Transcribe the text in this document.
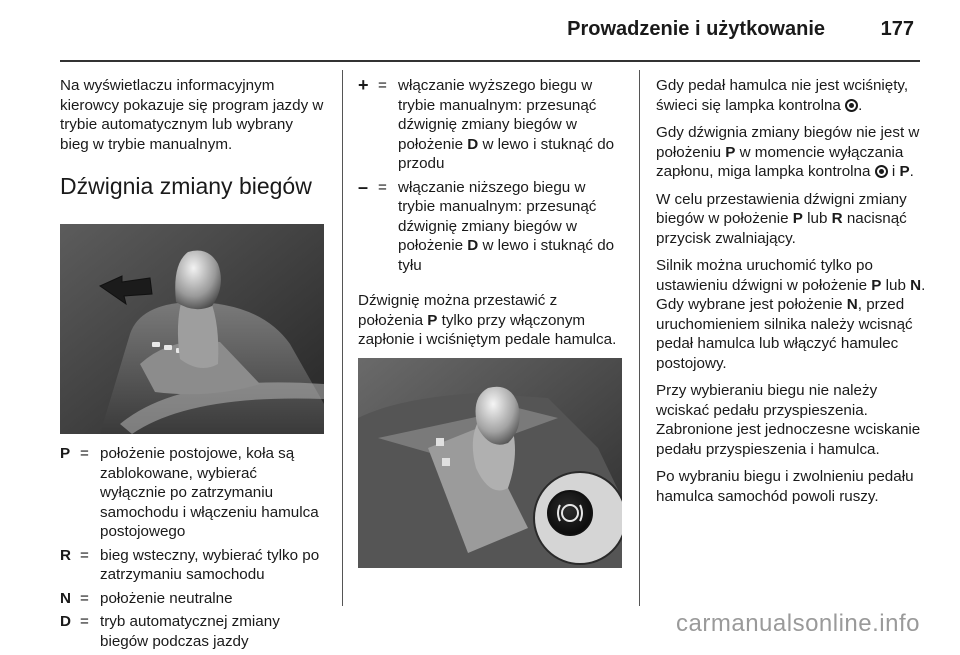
Prowadzenie i użytkowanie	177

Na wyświetlaczu informacyjnym kierowcy pokazuje się program jazdy w trybie automatycznym lub wybrany bieg w trybie manualnym.

Dźwignia zmiany biegów
P = położenie postojowe, koła są zablokowane, wybierać wyłącznie po zatrzymaniu samochodu i włączeniu hamulca postojowego
R = bieg wsteczny, wybierać tylko po zatrzymaniu samochodu
N = położenie neutralne
D = tryb automatycznej zmiany biegów podczas jazdy
+ = włączanie wyższego biegu w trybie manualnym: przesunąć dźwignię zmiany biegów w położenie D w lewo i stuknąć do przodu
– = włączanie niższego biegu w trybie manualnym: przesunąć dźwignię zmiany biegów w położenie D w lewo i stuknąć do tyłu

Dźwignię można przestawić z położenia P tylko przy włączonym zapłonie i wciśniętym pedale hamulca.

Gdy pedał hamulca nie jest wciśnięty, świeci się lampka kontrolna .

Gdy dźwignia zmiany biegów nie jest w położeniu P w momencie wyłączania zapłonu, miga lampka kontrolna  i P.

W celu przestawienia dźwigni zmiany biegów w położenie P lub R nacisnąć przycisk zwalniający.

Silnik można uruchomić tylko po ustawieniu dźwigni w położenie P lub N. Gdy wybrane jest położenie N, przed uruchomieniem silnika należy wcisnąć pedał hamulca lub włączyć hamulec postojowy.

Przy wybieraniu biegu nie należy wciskać pedału przyspieszenia. Zabronione jest jednoczesne wciskanie pedału przyspieszenia i hamulca.

Po wybraniu biegu i zwolnieniu pedału hamulca samochód powoli ruszy.

carmanualsonline.info
